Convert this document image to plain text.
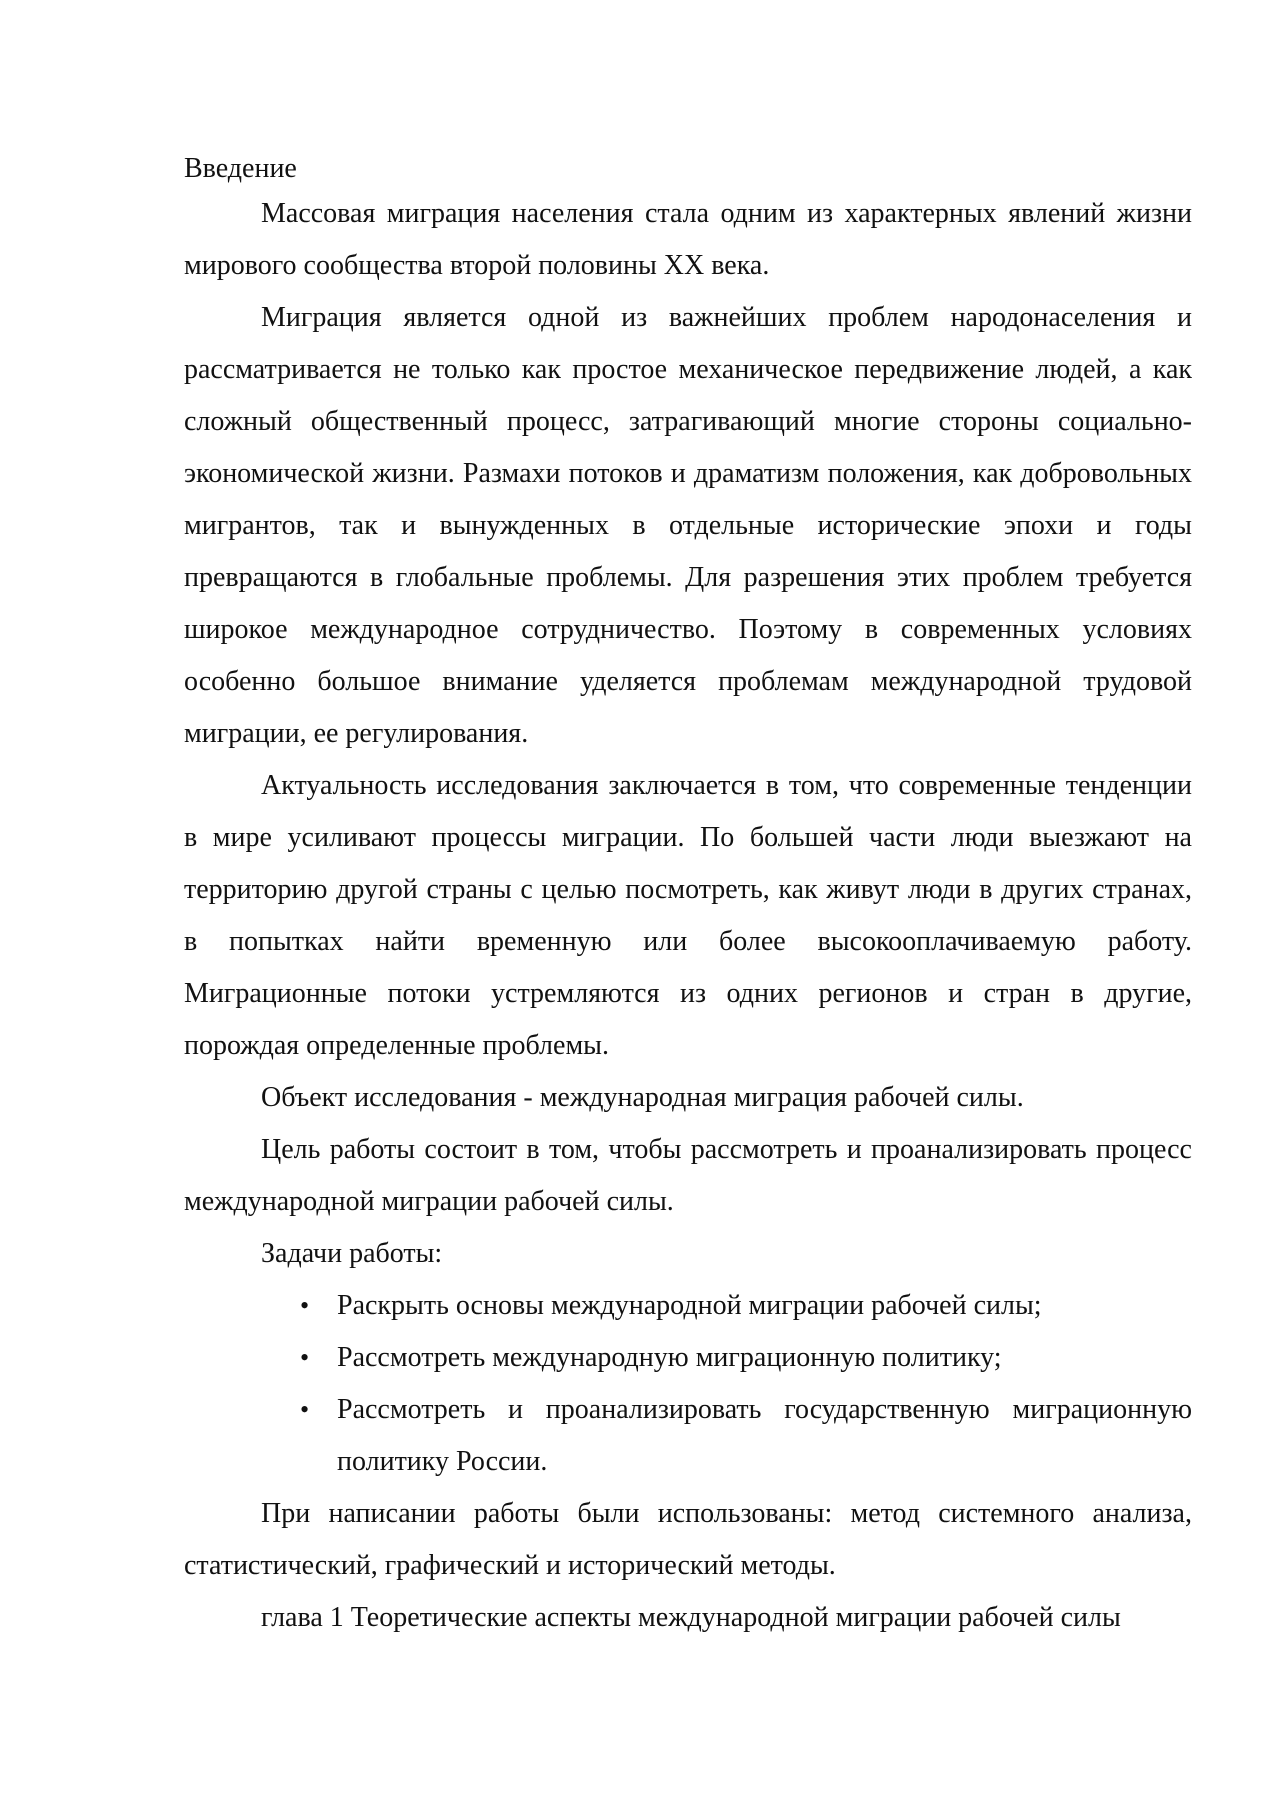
Введение

Массовая миграция населения стала одним из характерных явлений жизни мирового сообщества второй половины XX века.

Миграция является одной из важнейших проблем народонаселения и рассматривается не только как простое механическое передвижение людей, а как сложный общественный процесс, затрагивающий многие стороны социально-экономической жизни. Размахи потоков и драматизм положения, как добровольных мигрантов, так и вынужденных в отдельные исторические эпохи и годы превращаются в глобальные проблемы. Для разрешения этих проблем требуется широкое международное сотрудничество. Поэтому в современных условиях особенно большое внимание уделяется проблемам международной трудовой миграции, ее регулирования.

Актуальность исследования заключается в том, что современные тенденции в мире усиливают процессы миграции. По большей части люди выезжают на территорию другой страны с целью посмотреть, как живут люди в других странах, в попытках найти временную или более высокооплачиваемую работу. Миграционные потоки устремляются из одних регионов и стран в другие, порождая определенные проблемы.

Объект исследования - международная миграция рабочей силы.

Цель работы состоит в том, чтобы рассмотреть и проанализировать процесс международной миграции рабочей силы.

Задачи работы:

• Раскрыть основы международной миграции рабочей силы;
• Рассмотреть международную миграционную политику;
• Рассмотреть и проанализировать государственную миграционную политику России.

При написании работы были использованы: метод системного анализа, статистический, графический и исторический методы.

глава 1 Теоретические аспекты международной миграции рабочей силы
